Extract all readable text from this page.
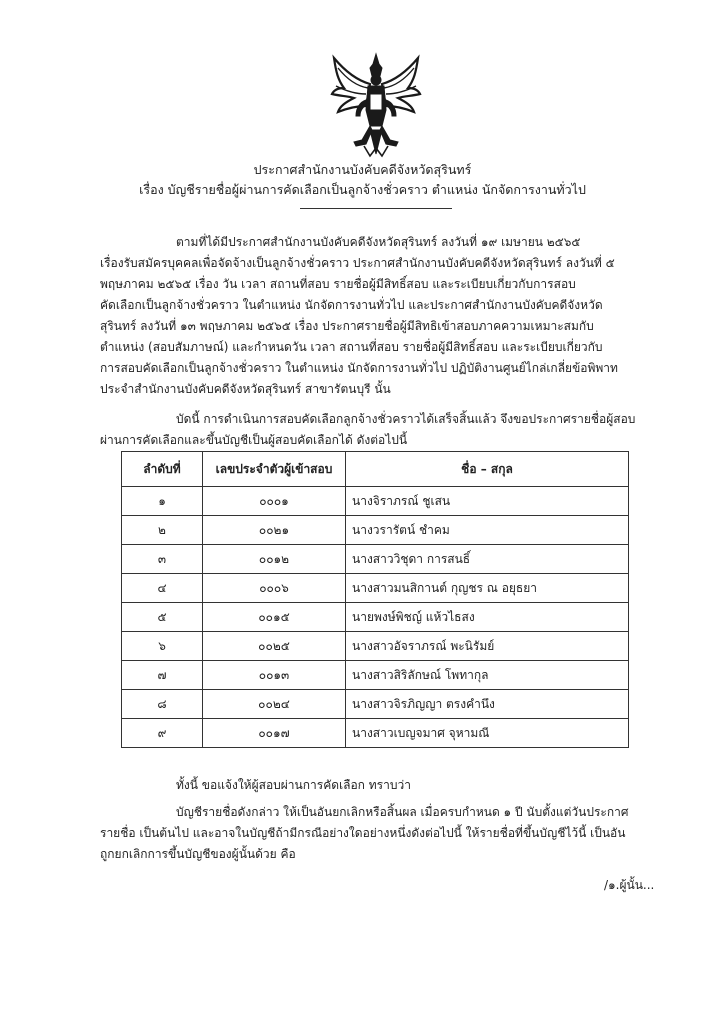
ประกาศสำนักงานบังคับคดีจังหวัดสุรินทร์
เรื่อง บัญชีรายชื่อผู้ผ่านการคัดเลือกเป็นลูกจ้างชั่วคราว ตำแหน่ง นักจัดการงานทั่วไป
ตามที่ได้มีประกาศสำนักงานบังคับคดีจังหวัดสุรินทร์ ลงวันที่ ๑๙ เมษายน ๒๕๖๕
เรื่องรับสมัครบุคคลเพื่อจัดจ้างเป็นลูกจ้างชั่วคราว ประกาศสำนักงานบังคับคดีจังหวัดสุรินทร์ ลงวันที่ ๕
พฤษภาคม ๒๕๖๕ เรื่อง วัน เวลา สถานที่สอบ รายชื่อผู้มีสิทธิ์สอบ และระเบียบเกี่ยวกับการสอบ
คัดเลือกเป็นลูกจ้างชั่วคราว ในตำแหน่ง นักจัดการงานทั่วไป และประกาศสำนักงานบังคับคดีจังหวัด
สุรินทร์ ลงวันที่ ๑๓ พฤษภาคม ๒๕๖๕ เรื่อง ประกาศรายชื่อผู้มีสิทธิเข้าสอบภาคความเหมาะสมกับ
ตำแหน่ง (สอบสัมภาษณ์) และกำหนดวัน เวลา สถานที่สอบ รายชื่อผู้มีสิทธิ์สอบ และระเบียบเกี่ยวกับ
การสอบคัดเลือกเป็นลูกจ้างชั่วคราว ในตำแหน่ง นักจัดการงานทั่วไป ปฏิบัติงานศูนย์ไกล่เกลี่ยข้อพิพาท
ประจำสำนักงานบังคับคดีจังหวัดสุรินทร์ สาขารัตนบุรี นั้น
บัดนี้ การดำเนินการสอบคัดเลือกลูกจ้างชั่วคราวได้เสร็จสิ้นแล้ว จึงขอประกาศรายชื่อผู้สอบ
ผ่านการคัดเลือกและขึ้นบัญชีเป็นผู้สอบคัดเลือกได้ ดังต่อไปนี้
ลำดับที่	เลขประจำตัวผู้เข้าสอบ	ชื่อ – สกุล
๑	๐๐๐๑	นางจิราภรณ์ ชูเสน
๒	๐๐๒๑	นางวรารัตน์ ชำคม
๓	๐๐๑๒	นางสาววิชุดา การสนธิ์
๔	๐๐๐๖	นางสาวมนสิกานต์ กุญชร ณ อยุธยา
๕	๐๐๑๕	นายพงษ์พิชญ์ แห้วไธสง
๖	๐๐๒๕	นางสาวอัจราภรณ์ พะนิรัมย์
๗	๐๐๑๓	นางสาวสิริลักษณ์ โพทากุล
๘	๐๐๒๔	นางสาวจิรภิญญา ตรงคำนึง
๙	๐๐๑๗	นางสาวเบญจมาศ จุหามณี
ทั้งนี้ ขอแจ้งให้ผู้สอบผ่านการคัดเลือก ทราบว่า
บัญชีรายชื่อดังกล่าว ให้เป็นอันยกเลิกหรือสิ้นผล เมื่อครบกำหนด ๑ ปี นับตั้งแต่วันประกาศ
รายชื่อ เป็นต้นไป และอาจในบัญชีถ้ามีกรณีอย่างใดอย่างหนึ่งดังต่อไปนี้ ให้รายชื่อที่ขึ้นบัญชีไว้นี้ เป็นอัน
ถูกยกเลิกการขึ้นบัญชีของผู้นั้นด้วย คือ
/๑.ผู้นั้น...
